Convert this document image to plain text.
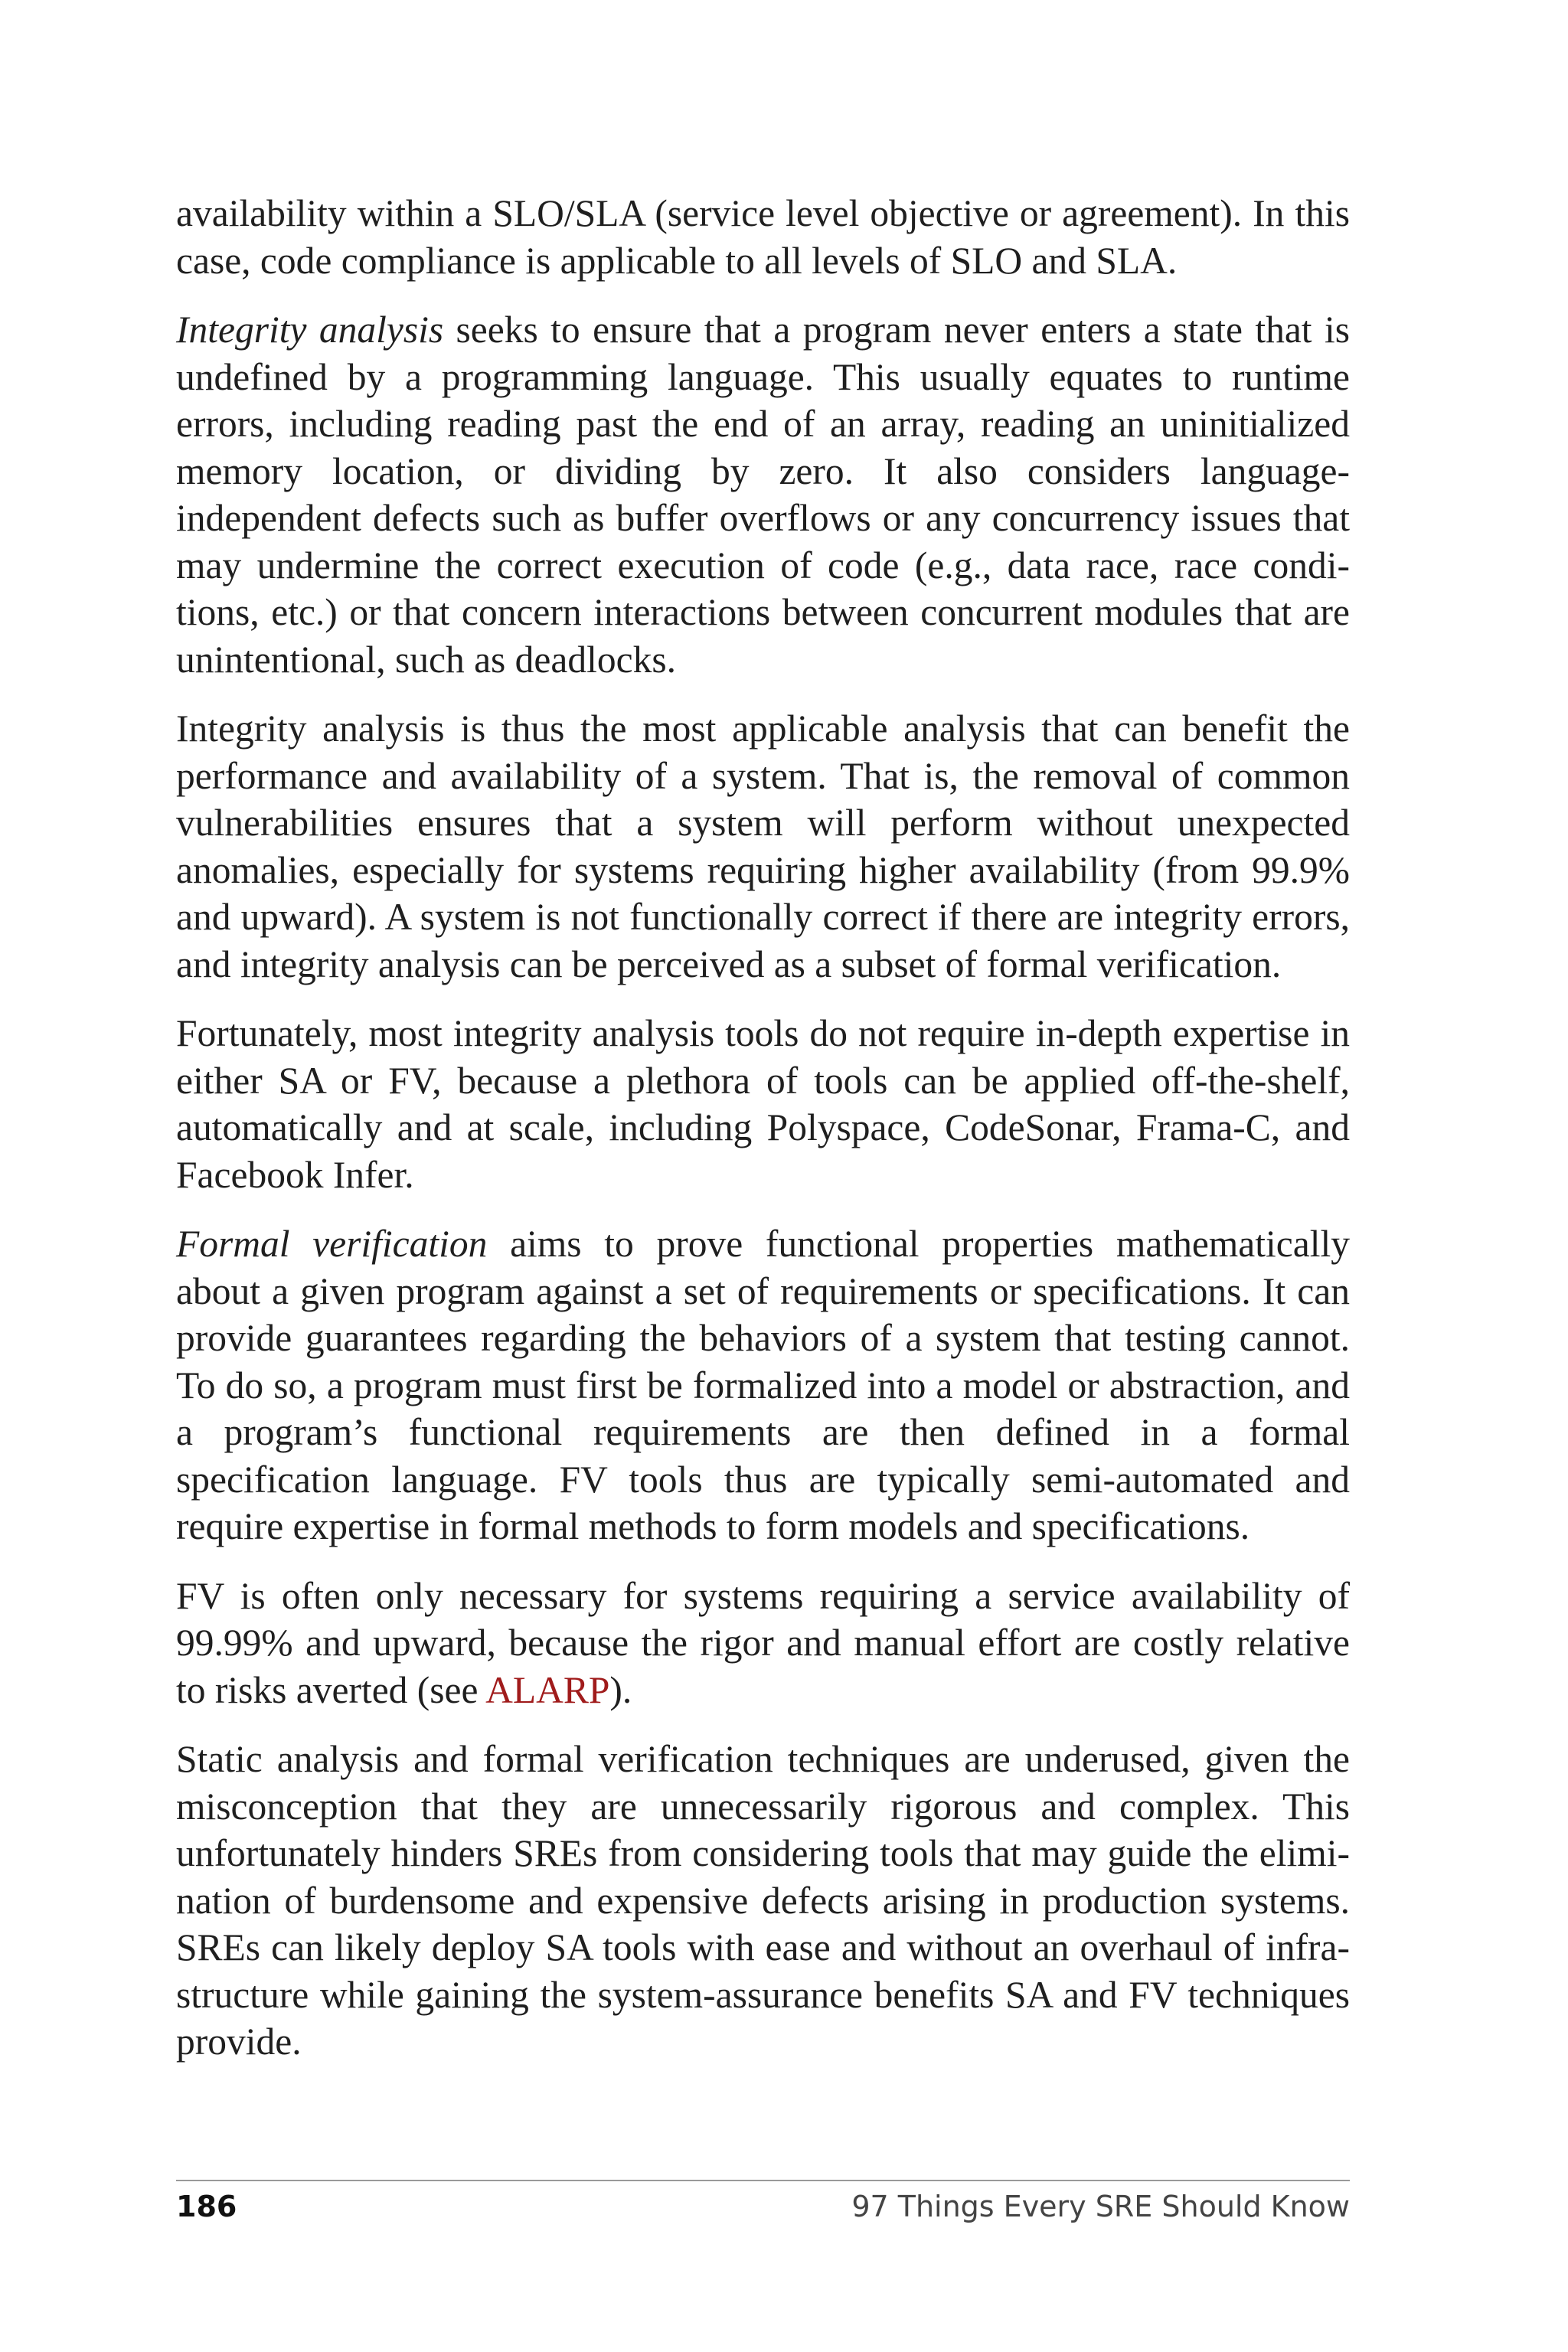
availability within a SLO/SLA (service level objective or agreement). In this case, code compliance is applicable to all levels of SLO and SLA.

Integrity analysis seeks to ensure that a program never enters a state that is undefined by a programming language. This usually equates to runtime errors, including reading past the end of an array, reading an uninitialized memory location, or dividing by zero. It also considers language-independent defects such as buffer overflows or any concurrency issues that may undermine the correct execution of code (e.g., data race, race conditions, etc.) or that concern interactions between concurrent modules that are unintentional, such as deadlocks.

Integrity analysis is thus the most applicable analysis that can benefit the performance and availability of a system. That is, the removal of common vulnerabilities ensures that a system will perform without unexpected anomalies, especially for systems requiring higher availability (from 99.9% and upward). A system is not functionally correct if there are integrity errors, and integrity analysis can be perceived as a subset of formal verification.

Fortunately, most integrity analysis tools do not require in-depth expertise in either SA or FV, because a plethora of tools can be applied off-the-shelf, automatically and at scale, including Polyspace, CodeSonar, Frama-C, and Facebook Infer.

Formal verification aims to prove functional properties mathematically about a given program against a set of requirements or specifications. It can provide guarantees regarding the behaviors of a system that testing cannot. To do so, a program must first be formalized into a model or abstraction, and a program’s functional requirements are then defined in a formal specification language. FV tools thus are typically semi-automated and require expertise in formal methods to form models and specifications.

FV is often only necessary for systems requiring a service availability of 99.99% and upward, because the rigor and manual effort are costly relative to risks averted (see ALARP).

Static analysis and formal verification techniques are underused, given the misconception that they are unnecessarily rigorous and complex. This unfortunately hinders SREs from considering tools that may guide the elimination of burdensome and expensive defects arising in production systems. SREs can likely deploy SA tools with ease and without an overhaul of infrastructure while gaining the system-assurance benefits SA and FV techniques provide.

186	97 Things Every SRE Should Know
